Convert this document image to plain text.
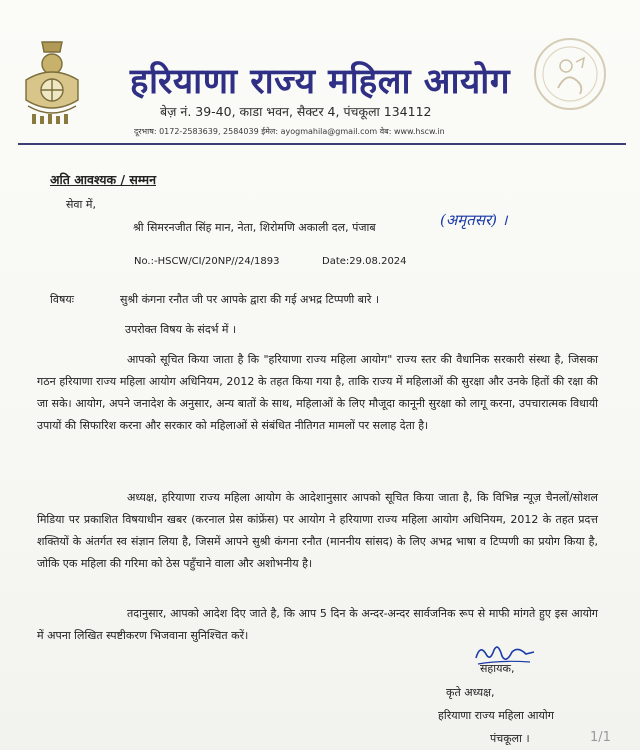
हरियाणा राज्य महिला आयोग
बेज़ नं. 39-40, काडा भवन, सैक्टर 4, पंचकूला 134112
दूरभाष: 0172-2583639, 2584039 ईमेल: ayogmahila@gmail.com वेब: www.hscw.in
अति आवश्यक / सम्मन
सेवा में,
श्री सिमरनजीत सिंह मान, नेता, शिरोमणि अकाली दल, पंजाब	(अमृतसर) ।
No.:-HSCW/CI/20NP//24/1893	Date:29.08.2024
विषयः	सुश्री कंगना रनौत जी पर आपके द्वारा की गई अभद्र टिप्पणी बारे ।
उपरोक्त विषय के संदर्भ में ।
आपको सूचित किया जाता है कि "हरियाणा राज्य महिला आयोग" राज्य स्तर की वैधानिक सरकारी संस्था है, जिसका गठन हरियाणा राज्य महिला आयोग अधिनियम, 2012 के तहत किया गया है, ताकि राज्य में महिलाओं की सुरक्षा और उनके हितों की रक्षा की जा सके। आयोग, अपने जनादेश के अनुसार, अन्य बातों के साथ, महिलाओं के लिए मौजूदा कानूनी सुरक्षा को लागू करना, उपचारात्मक विधायी उपायों की सिफारिश करना और सरकार को महिलाओं से संबंधित नीतिगत मामलों पर सलाह देता है।
अध्यक्ष, हरियाणा राज्य महिला आयोग के आदेशानुसार आपको सूचित किया जाता है, कि विभिन्न न्यूज़ चैनलों/सोशल मिडिया पर प्रकाशित विषयाधीन खबर (करनाल प्रेस कांफ्रेंस) पर आयोग ने हरियाणा राज्य महिला आयोग अधिनियम, 2012 के तहत प्रदत्त शक्तियों के अंतर्गत स्व संज्ञान लिया है, जिसमें आपने सुश्री कंगना रनौत (माननीय सांसद) के लिए अभद्र भाषा व टिप्पणी का प्रयोग किया है, जोकि एक महिला की गरिमा को ठेस पहुँचाने वाला और अशोभनीय है।
तदानुसार, आपको आदेश दिए जाते है, कि आप 5 दिन के अन्दर-अन्दर सार्वजनिक रूप से माफी मांगते हुए इस आयोग में अपना लिखित स्पष्टीकरण भिजवाना सुनिश्चित करें।
सहायक,
कृते अध्यक्ष,
हरियाणा राज्य महिला आयोग
पंचकूला ।	1/1
